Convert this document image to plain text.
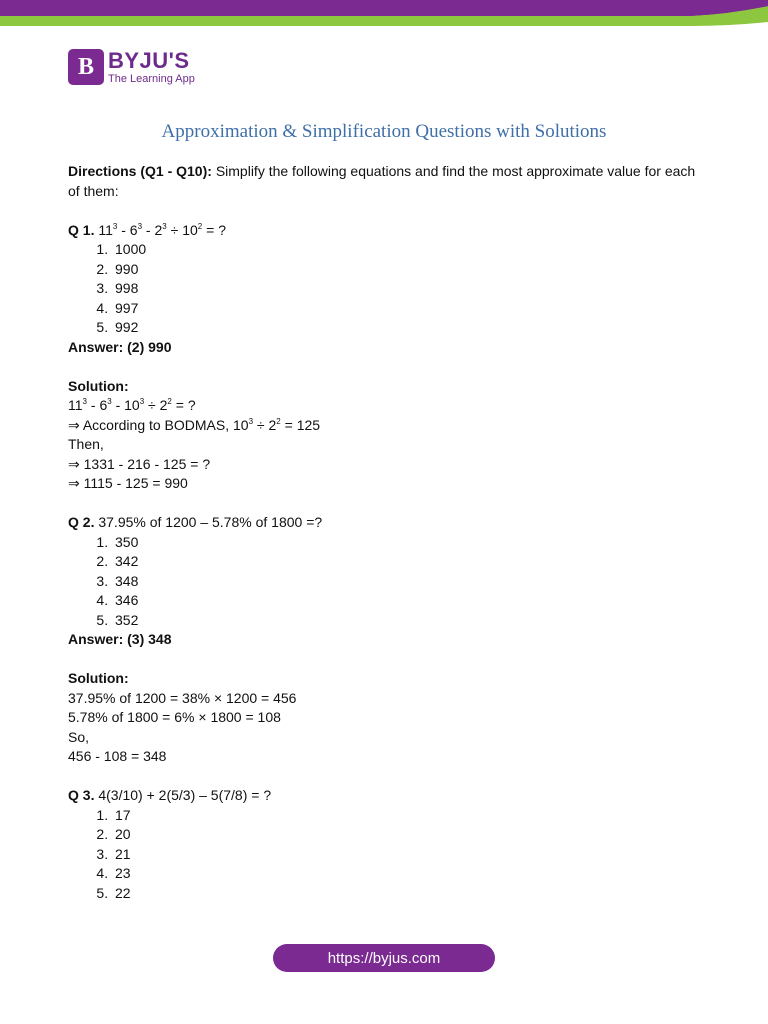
B BYJU'S
The Learning App
Approximation & Simplification Questions with Solutions
Directions (Q1 - Q10): Simplify the following equations and find the most approximate value for each of them:
Q 1. $11^3 - 6^3 - 2^3 \div 10^2$ = ?
1. 1000
2. 990
3. 998
4. 997
5. 992
Answer: (2) 990
Solution:
$11^3 - 6^3 - 10^3 \div 2^2$ = ?
⇒ According to BODMAS, $10^3 \div 2^2 = 125$
Then,
⇒ 1331 - 216 - 125 = ?
⇒ 1115 - 125 = 990
Q 2. 37.95% of 1200 – 5.78% of 1800 =?
1. 350
2. 342
3. 348
4. 346
5. 352
Answer: (3) 348
Solution:
37.95% of 1200 = 38% × 1200 = 456
5.78% of 1800 = 6% × 1800 = 108
So,
456 - 108 = 348
Q 3. 4(3/10) + 2(5/3) – 5(7/8) = ?
1. 17
2. 20
3. 21
4. 23
5. 22
https://byjus.com
